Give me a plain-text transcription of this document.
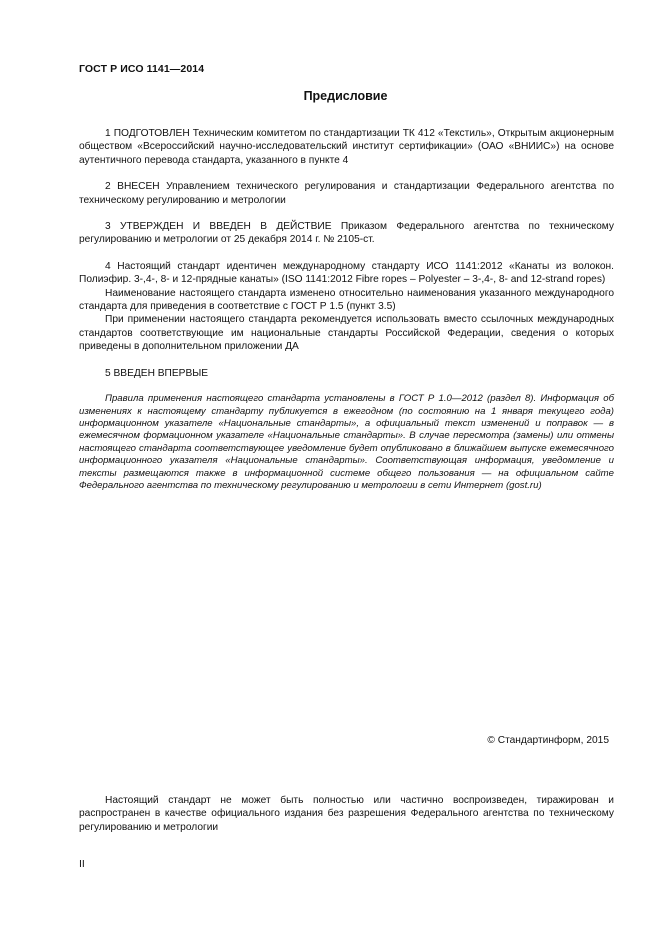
ГОСТ Р ИСО 1141—2014
Предисловие

1 ПОДГОТОВЛЕН Техническим комитетом по стандартизации ТК 412 «Текстиль», Открытым акционерным обществом «Всероссийский научно-исследовательский институт сертификации» (ОАО «ВНИИС») на основе аутентичного перевода стандарта, указанного в пункте 4

2 ВНЕСЕН Управлением технического регулирования и стандартизации Федерального агентства по техническому регулированию и метрологии

3 УТВЕРЖДЕН И ВВЕДЕН В ДЕЙСТВИЕ Приказом Федерального агентства по техническому регулированию и метрологии от 25 декабря 2014 г. № 2105-ст.

4 Настоящий стандарт идентичен международному стандарту ИСО 1141:2012 «Канаты из волокон. Полиэфир. 3-,4-, 8- и 12-прядные канаты» (ISO 1141:2012 Fibre ropes – Polyester – 3-,4-, 8- and 12-strand ropes)

Наименование настоящего стандарта изменено относительно наименования указанного международного стандарта для приведения в соответствие с ГОСТ Р 1.5 (пункт 3.5)

При применении настоящего стандарта рекомендуется использовать вместо ссылочных международных стандартов соответствующие им национальные стандарты Российской Федерации, сведения о которых приведены в дополнительном приложении ДА

5 ВВЕДЕН ВПЕРВЫЕ

Правила применения настоящего стандарта установлены в ГОСТ Р 1.0—2012 (раздел 8). Информация об изменениях к настоящему стандарту публикуется в ежегодном (по состоянию на 1 января текущего года) информационном указателе «Национальные стандарты», а официальный текст изменений и поправок — в ежемесячном формационном указателе «Национальные стандарты». В случае пересмотра (замены) или отмены настоящего стандарта соответствующее уведомление будет опубликовано в ближайшем выпуске ежемесячного информационного указателя «Национальные стандарты». Соответствующая информация, уведомление и тексты размещаются также в информационной системе общего пользования — на официальном сайте Федерального агентства по техническому регулированию и метрологии в сети Интернет (gost.ru)

© Стандартинформ, 2015

Настоящий стандарт не может быть полностью или частично воспроизведен, тиражирован и распространен в качестве официального издания без разрешения Федерального агентства по техническому регулированию и метрологии

II
